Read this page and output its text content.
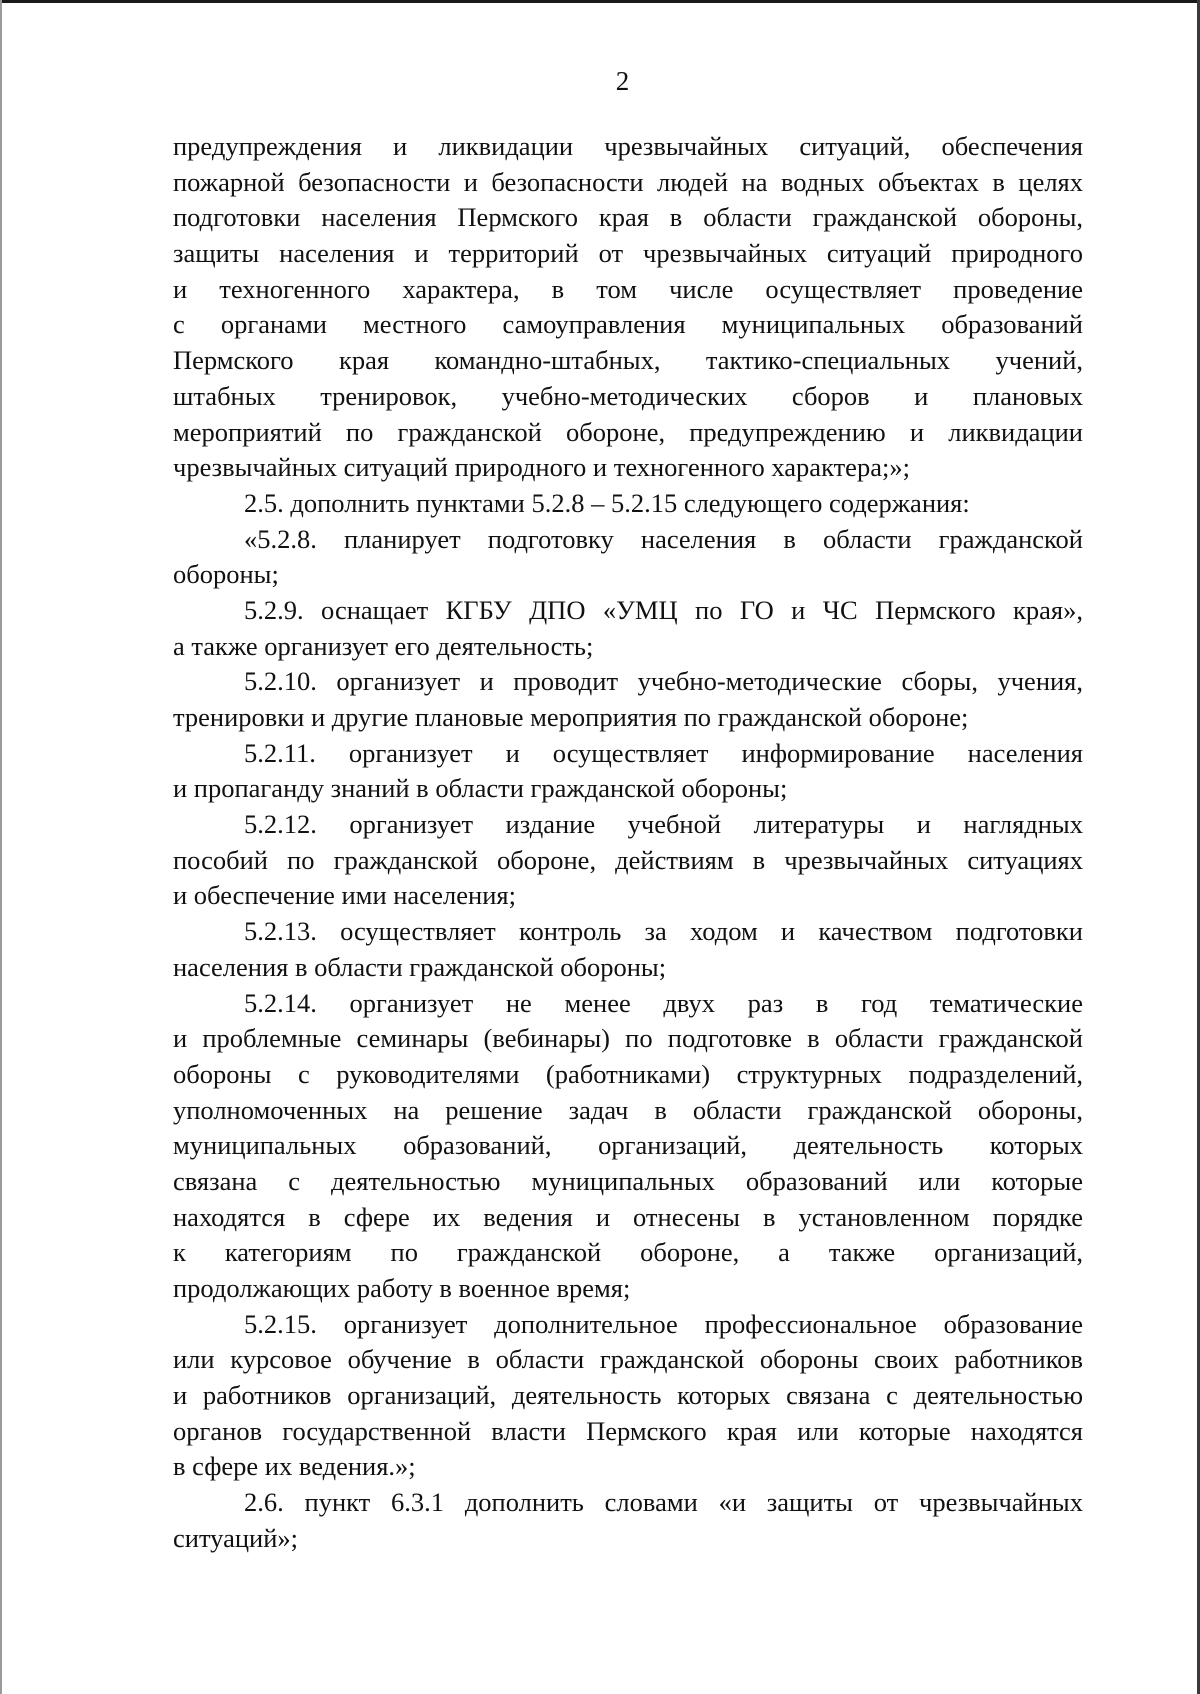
2
предупреждения и ликвидации чрезвычайных ситуаций, обеспечения
пожарной безопасности и безопасности людей на водных объектах в целях
подготовки населения Пермского края в области гражданской обороны,
защиты населения и территорий от чрезвычайных ситуаций природного
и техногенного характера, в том числе осуществляет проведение
с органами местного самоуправления муниципальных образований
Пермского края командно-штабных, тактико-специальных учений,
штабных тренировок, учебно-методических сборов и плановых
мероприятий по гражданской обороне, предупреждению и ликвидации
чрезвычайных ситуаций природного и техногенного характера;»;
2.5. дополнить пунктами 5.2.8 – 5.2.15 следующего содержания:
«5.2.8. планирует подготовку населения в области гражданской
обороны;
5.2.9. оснащает КГБУ ДПО «УМЦ по ГО и ЧС Пермского края»,
а также организует его деятельность;
5.2.10. организует и проводит учебно-методические сборы, учения,
тренировки и другие плановые мероприятия по гражданской обороне;
5.2.11. организует и осуществляет информирование населения
и пропаганду знаний в области гражданской обороны;
5.2.12. организует издание учебной литературы и наглядных
пособий по гражданской обороне, действиям в чрезвычайных ситуациях
и обеспечение ими населения;
5.2.13. осуществляет контроль за ходом и качеством подготовки
населения в области гражданской обороны;
5.2.14. организует не менее двух раз в год тематические
и проблемные семинары (вебинары) по подготовке в области гражданской
обороны с руководителями (работниками) структурных подразделений,
уполномоченных на решение задач в области гражданской обороны,
муниципальных образований, организаций, деятельность которых
связана с деятельностью муниципальных образований или которые
находятся в сфере их ведения и отнесены в установленном порядке
к категориям по гражданской обороне, а также организаций,
продолжающих работу в военное время;
5.2.15. организует дополнительное профессиональное образование
или курсовое обучение в области гражданской обороны своих работников
и работников организаций, деятельность которых связана с деятельностью
органов государственной власти Пермского края или которые находятся
в сфере их ведения.»;
2.6. пункт 6.3.1 дополнить словами «и защиты от чрезвычайных
ситуаций»;
